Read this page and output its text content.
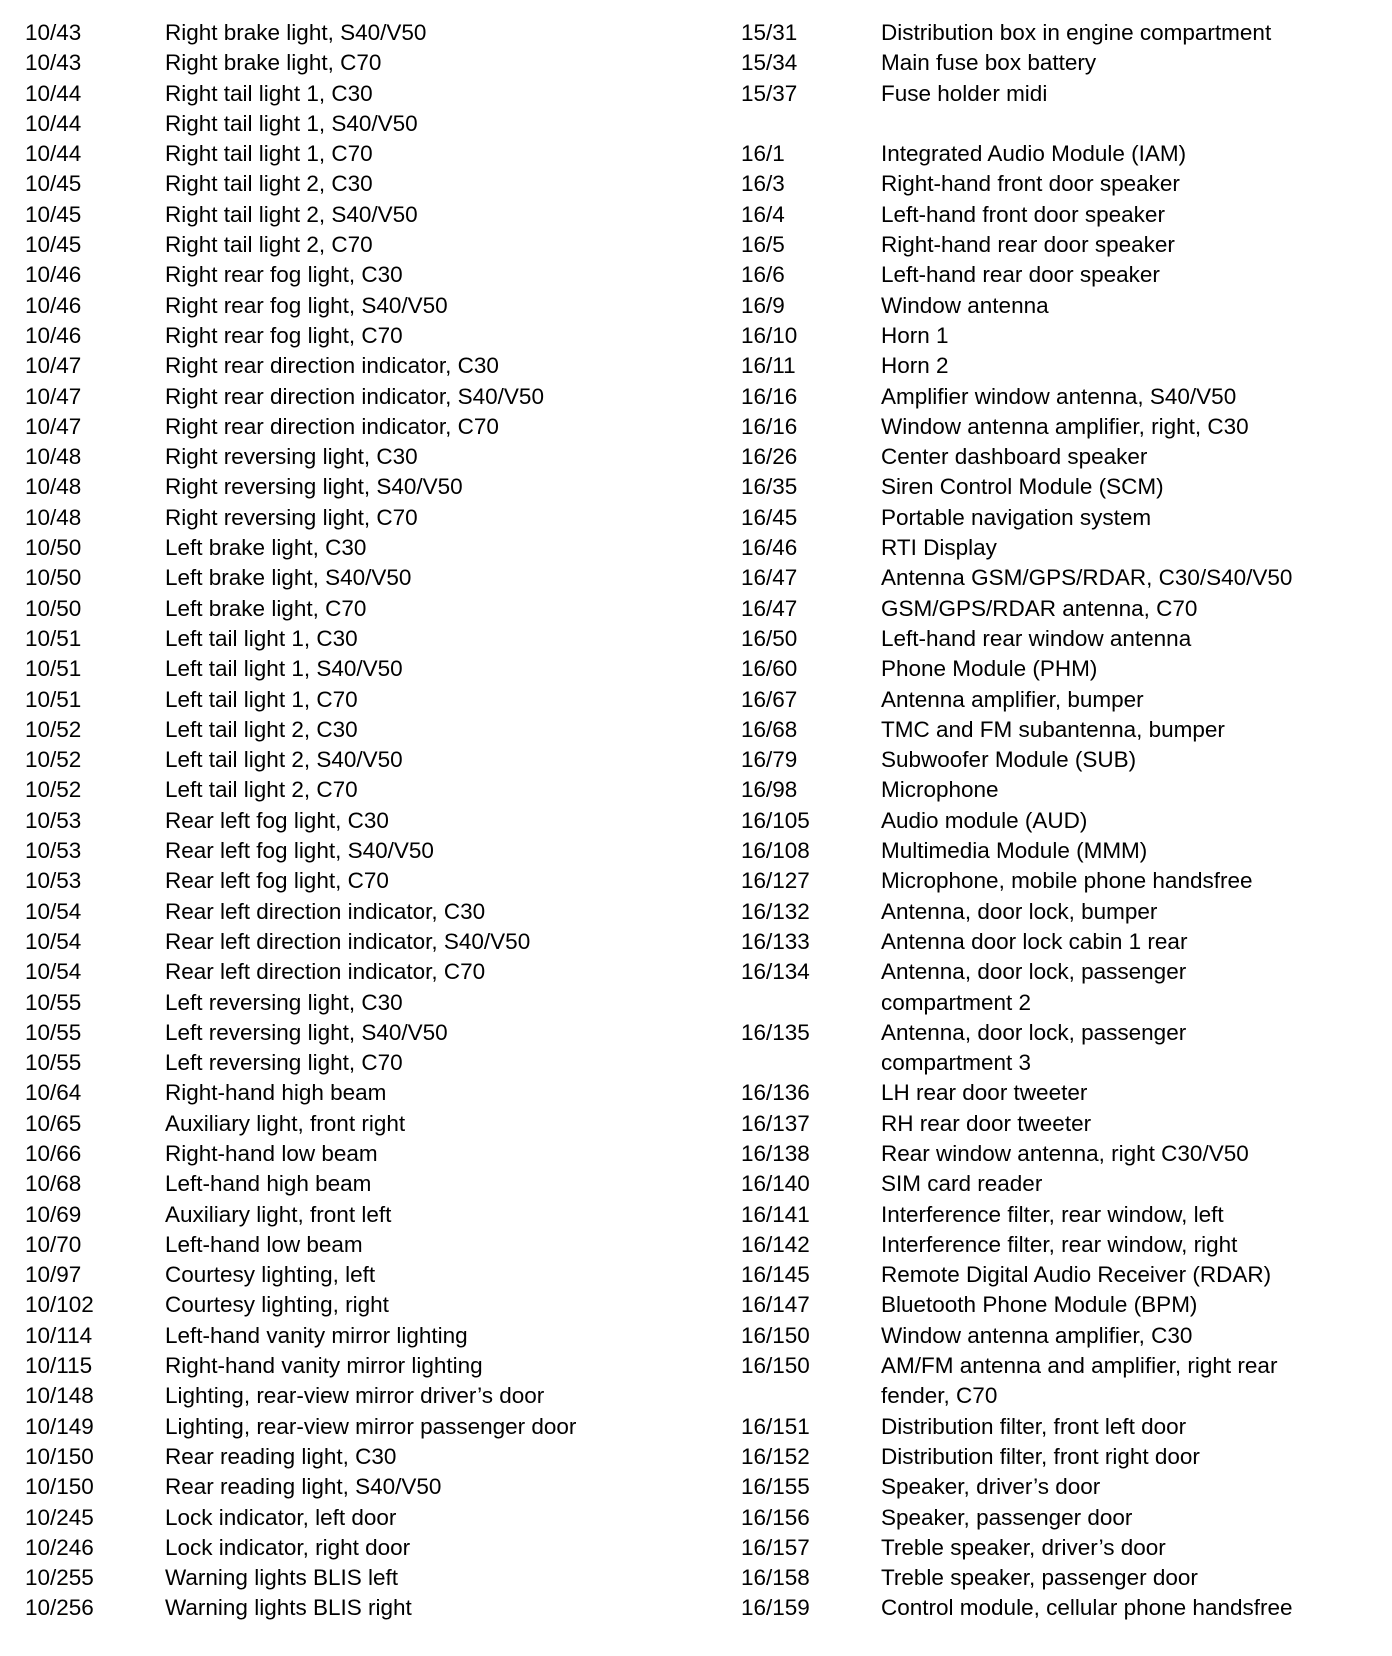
10/43	Right brake light, S40/V50
10/43	Right brake light, C70
10/44	Right tail light 1, C30
10/44	Right tail light 1, S40/V50
10/44	Right tail light 1, C70
10/45	Right tail light 2, C30
10/45	Right tail light 2, S40/V50
10/45	Right tail light 2, C70
10/46	Right rear fog light, C30
10/46	Right rear fog light, S40/V50
10/46	Right rear fog light, C70
10/47	Right rear direction indicator, C30
10/47	Right rear direction indicator, S40/V50
10/47	Right rear direction indicator, C70
10/48	Right reversing light, C30
10/48	Right reversing light, S40/V50
10/48	Right reversing light, C70
10/50	Left brake light, C30
10/50	Left brake light, S40/V50
10/50	Left brake light, C70
10/51	Left tail light 1, C30
10/51	Left tail light 1, S40/V50
10/51	Left tail light 1, C70
10/52	Left tail light 2, C30
10/52	Left tail light 2, S40/V50
10/52	Left tail light 2, C70
10/53	Rear left fog light, C30
10/53	Rear left fog light, S40/V50
10/53	Rear left fog light, C70
10/54	Rear left direction indicator, C30
10/54	Rear left direction indicator, S40/V50
10/54	Rear left direction indicator, C70
10/55	Left reversing light, C30
10/55	Left reversing light, S40/V50
10/55	Left reversing light, C70
10/64	Right-hand high beam
10/65	Auxiliary light, front right
10/66	Right-hand low beam
10/68	Left-hand high beam
10/69	Auxiliary light, front left
10/70	Left-hand low beam
10/97	Courtesy lighting, left
10/102	Courtesy lighting, right
10/114	Left-hand vanity mirror lighting
10/115	Right-hand vanity mirror lighting
10/148	Lighting, rear-view mirror driver’s door
10/149	Lighting, rear-view mirror passenger door
10/150	Rear reading light, C30
10/150	Rear reading light, S40/V50
10/245	Lock indicator, left door
10/246	Lock indicator, right door
10/255	Warning lights BLIS left
10/256	Warning lights BLIS right
15/31	Distribution box in engine compartment
15/34	Main fuse box battery
15/37	Fuse holder midi
16/1	Integrated Audio Module (IAM)
16/3	Right-hand front door speaker
16/4	Left-hand front door speaker
16/5	Right-hand rear door speaker
16/6	Left-hand rear door speaker
16/9	Window antenna
16/10	Horn 1
16/11	Horn 2
16/16	Amplifier window antenna, S40/V50
16/16	Window antenna amplifier, right, C30
16/26	Center dashboard speaker
16/35	Siren Control Module (SCM)
16/45	Portable navigation system
16/46	RTI Display
16/47	Antenna GSM/GPS/RDAR, C30/S40/V50
16/47	GSM/GPS/RDAR antenna, C70
16/50	Left-hand rear window antenna
16/60	Phone Module (PHM)
16/67	Antenna amplifier, bumper
16/68	TMC and FM subantenna, bumper
16/79	Subwoofer Module (SUB)
16/98	Microphone
16/105	Audio module (AUD)
16/108	Multimedia Module (MMM)
16/127	Microphone, mobile phone handsfree
16/132	Antenna, door lock, bumper
16/133	Antenna door lock cabin 1 rear
16/134	Antenna, door lock, passenger
compartment 2
16/135	Antenna, door lock, passenger
compartment 3
16/136	LH rear door tweeter
16/137	RH rear door tweeter
16/138	Rear window antenna, right C30/V50
16/140	SIM card reader
16/141	Interference filter, rear window, left
16/142	Interference filter, rear window, right
16/145	Remote Digital Audio Receiver (RDAR)
16/147	Bluetooth Phone Module (BPM)
16/150	Window antenna amplifier, C30
16/150	AM/FM antenna and amplifier, right rear
fender, C70
16/151	Distribution filter, front left door
16/152	Distribution filter, front right door
16/155	Speaker, driver’s door
16/156	Speaker, passenger door
16/157	Treble speaker, driver’s door
16/158	Treble speaker, passenger door
16/159	Control module, cellular phone handsfree
